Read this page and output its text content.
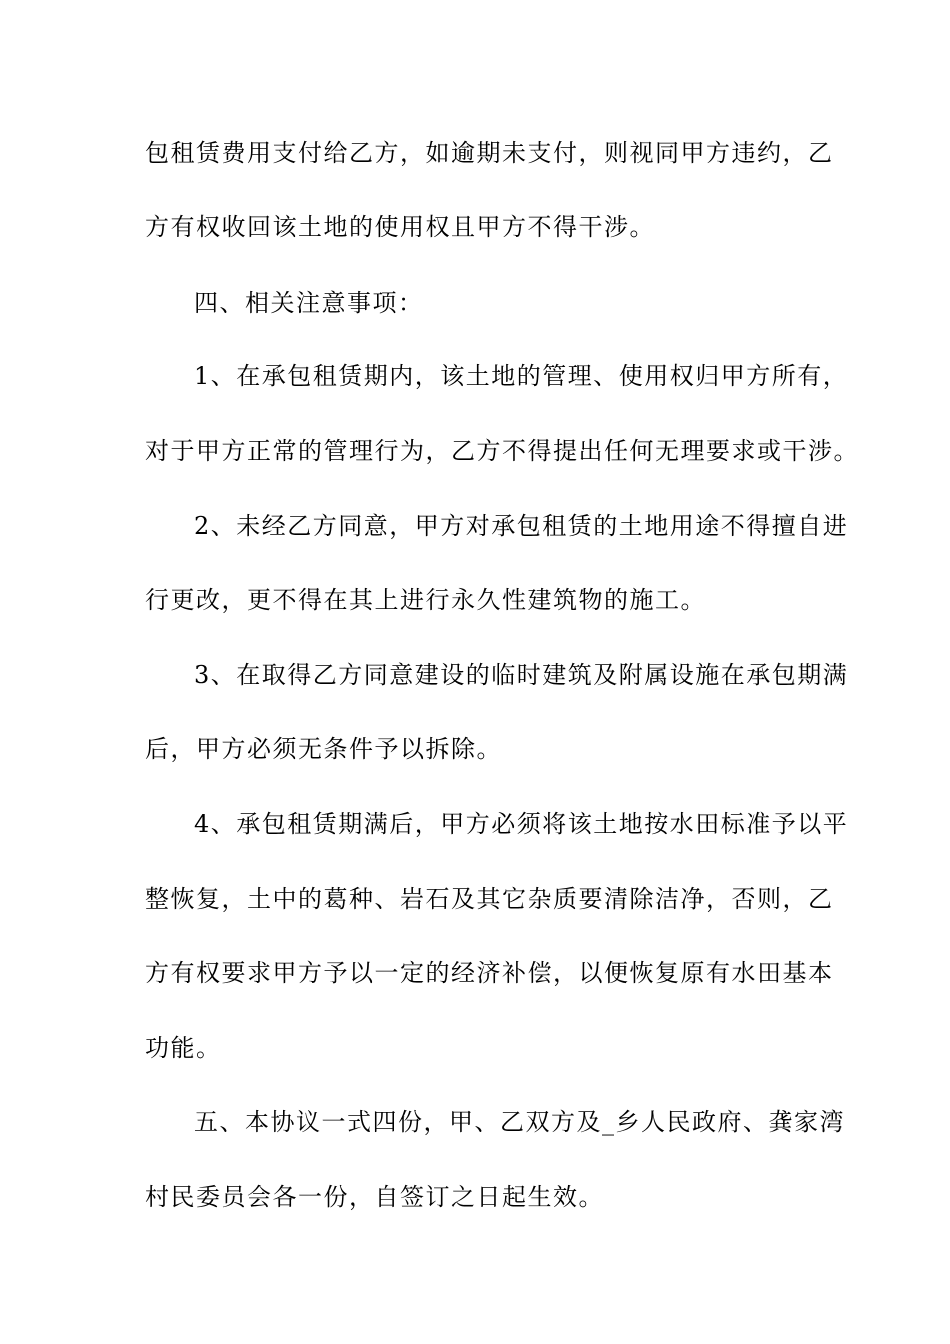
包租赁费用支付给乙方，如逾期未支付，则视同甲方违约，乙
方有权收回该土地的使用权且甲方不得干涉。
四、相关注意事项：
1、在承包租赁期内，该土地的管理、使用权归甲方所有，
对于甲方正常的管理行为，乙方不得提出任何无理要求或干涉。
2、未经乙方同意，甲方对承包租赁的土地用途不得擅自进
行更改，更不得在其上进行永久性建筑物的施工。
3、在取得乙方同意建设的临时建筑及附属设施在承包期满
后，甲方必须无条件予以拆除。
4、承包租赁期满后，甲方必须将该土地按水田标准予以平
整恢复，土中的葛种、岩石及其它杂质要清除洁净，否则，乙
方有权要求甲方予以一定的经济补偿，以便恢复原有水田基本
功能。
五、本协议一式四份，甲、乙双方及_乡人民政府、龚家湾
村民委员会各一份，自签订之日起生效。
